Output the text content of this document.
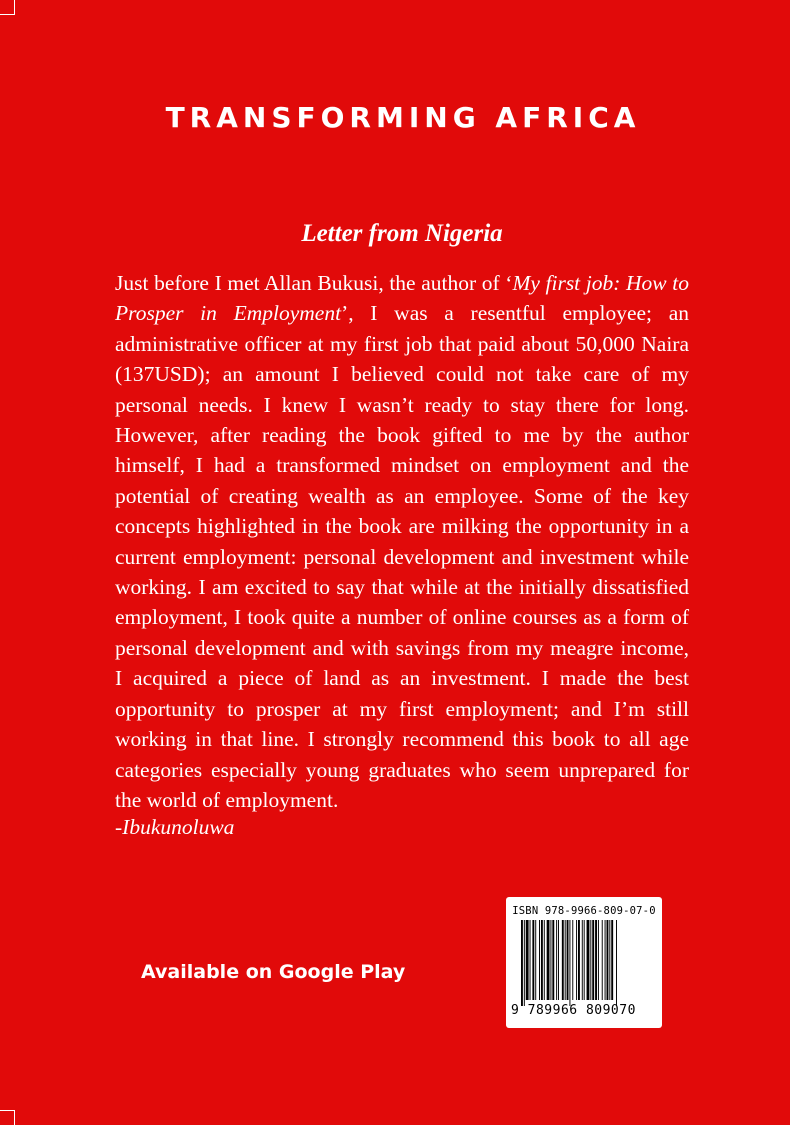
TRANSFORMING AFRICA
Letter from Nigeria

Just before I met Allan Bukusi, the author of ‘My first job: How to Prosper in Employment’, I was a resentful employee; an administrative officer at my first job that paid about 50,000 Naira (137USD); an amount I believed could not take care of my personal needs. I knew I wasn’t ready to stay there for long. However, after reading the book gifted to me by the author himself, I had a transformed mindset on employment and the potential of creating wealth as an employee. Some of the key concepts highlighted in the book are milking the opportunity in a current employment: personal development and investment while working. I am excited to say that while at the initially dissatisfied employment, I took quite a number of online courses as a form of personal development and with savings from my meagre income, I acquired a piece of land as an investment. I made the best opportunity to prosper at my first employment; and I’m still working in that line. I strongly recommend this book to all age categories especially young graduates who seem unprepared for the world of employment.

-Ibukunoluwa
Available on Google Play
ISBN 978-9966-809-07-0
9 789966 809070
